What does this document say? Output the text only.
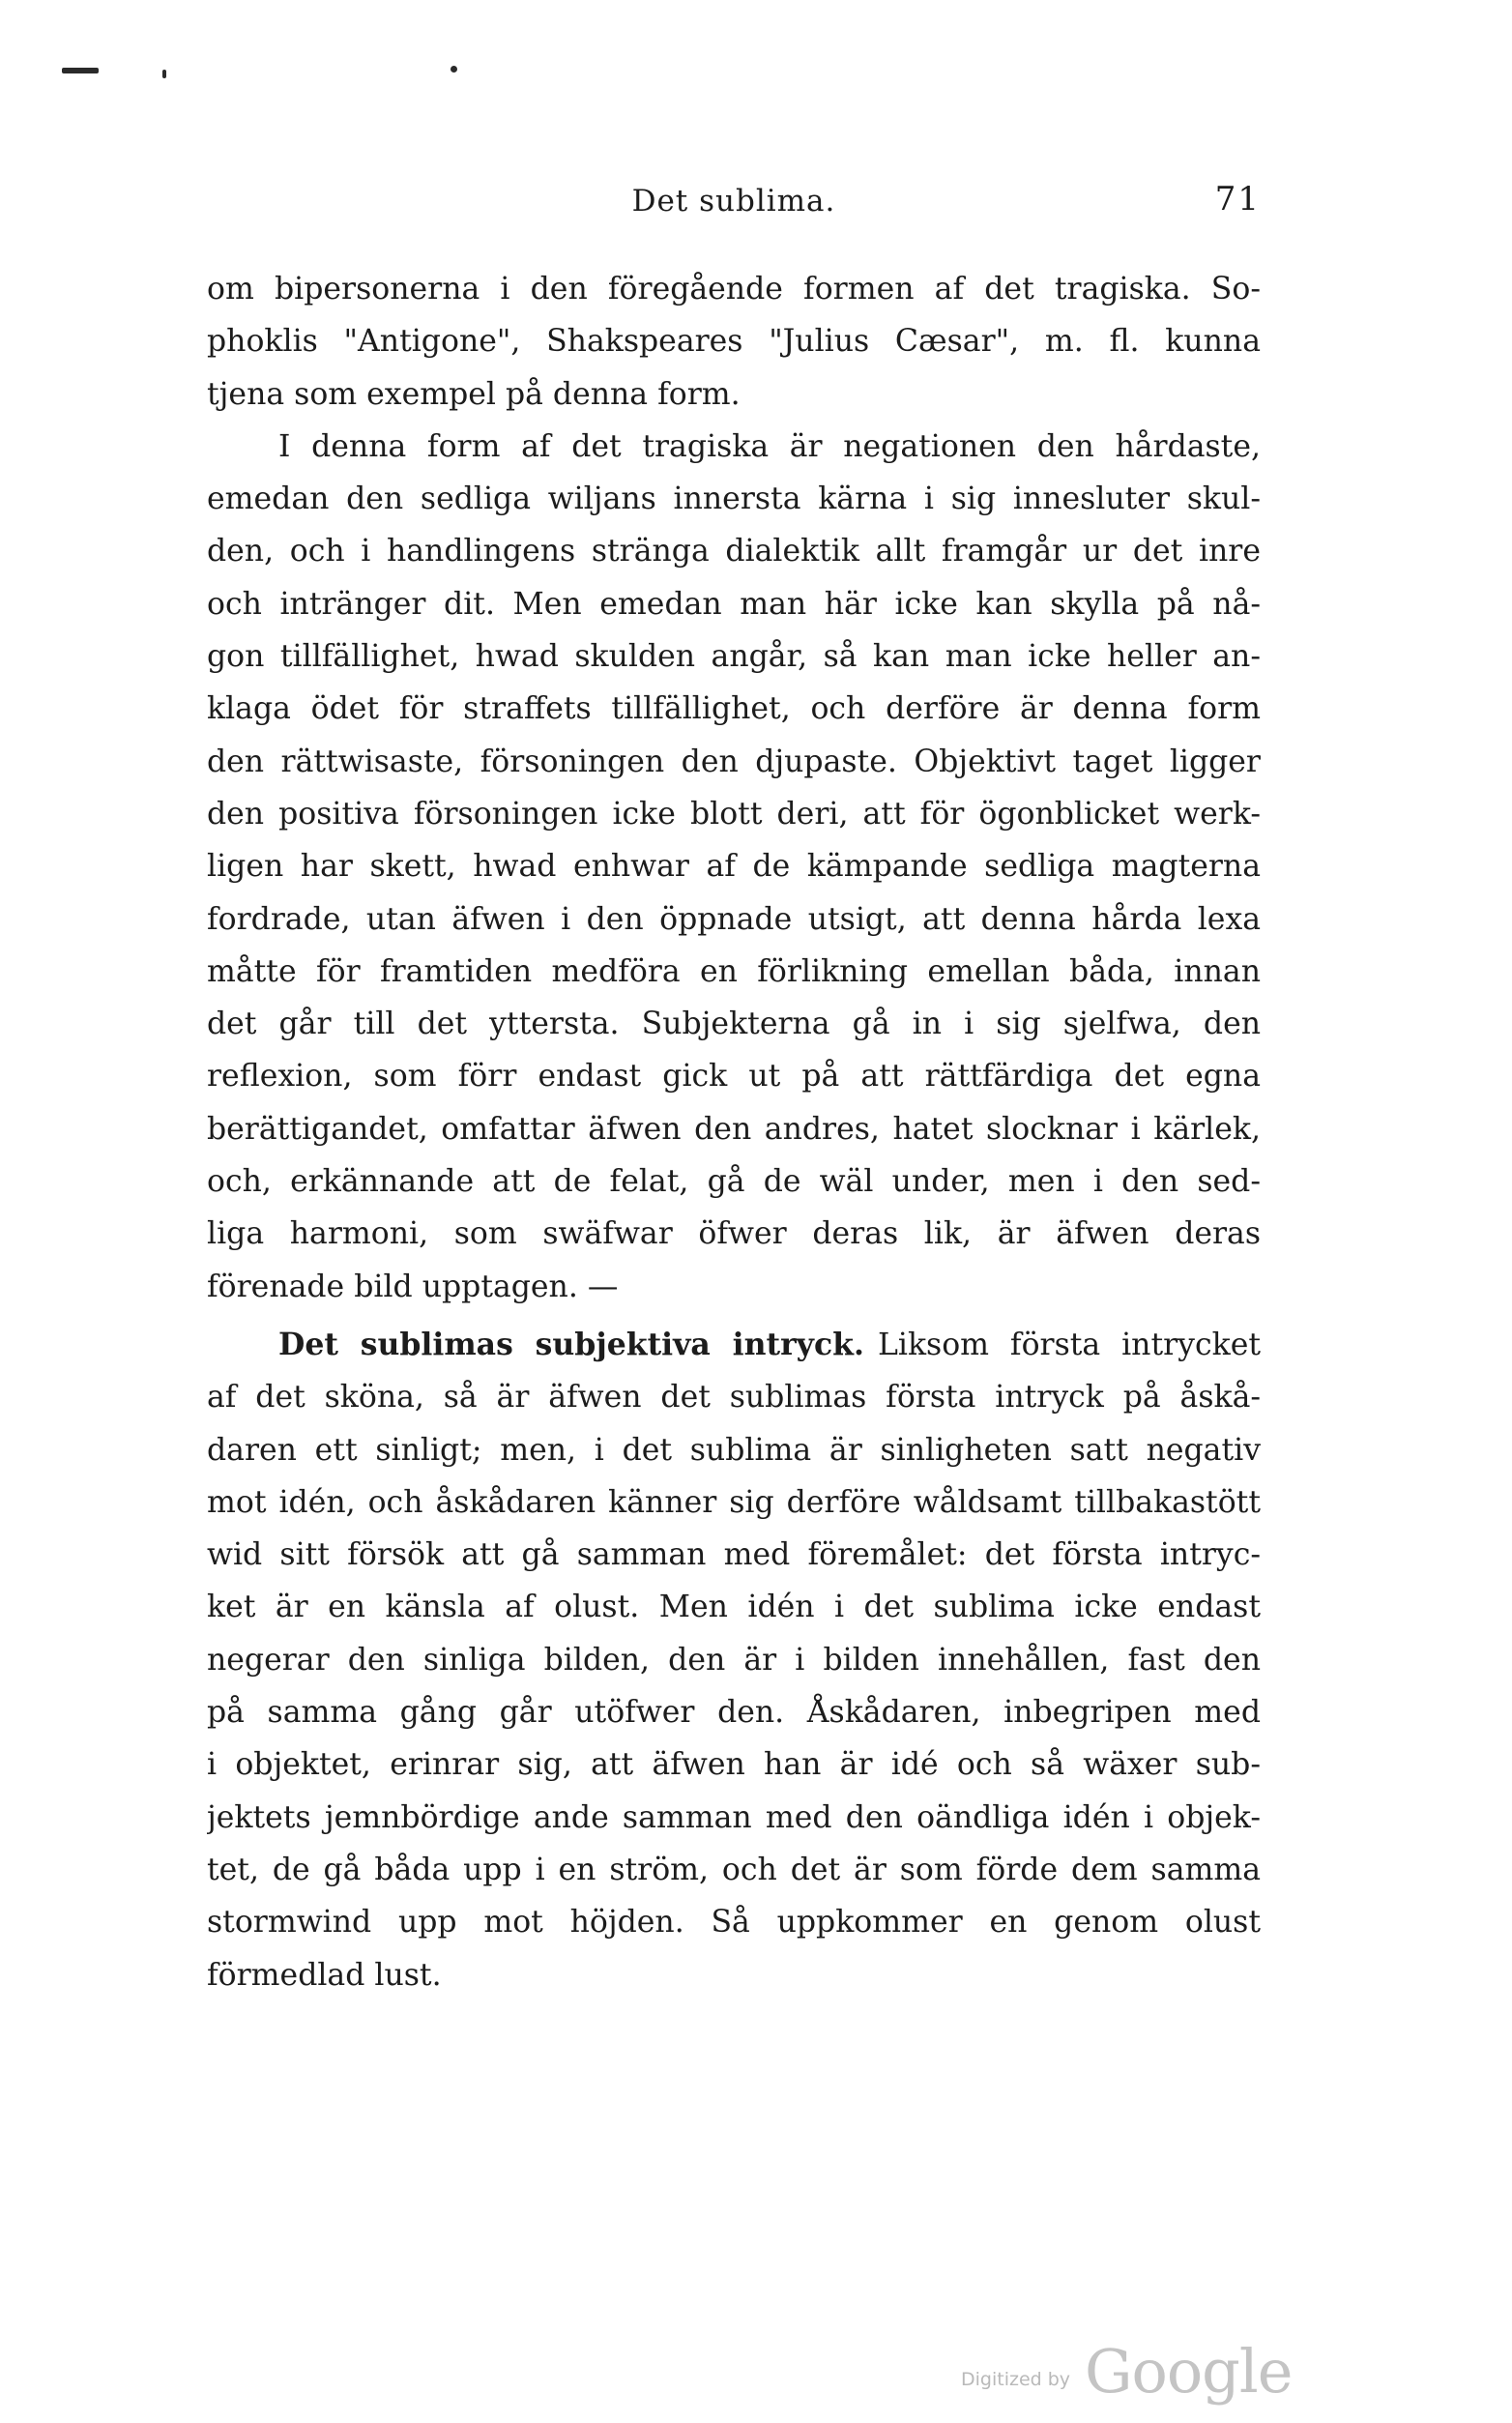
Det sublima.	71
om bipersonerna i den föregående formen af det tragiska. So-
phoklis "Antigone", Shakspeares "Julius Cæsar", m. fl. kunna
tjena som exempel på denna form.
I denna form af det tragiska är negationen den hårdaste,
emedan den sedliga wiljans innersta kärna i sig innesluter skul-
den, och i handlingens stränga dialektik allt framgår ur det inre
och intränger dit. Men emedan man här icke kan skylla på nå-
gon tillfällighet, hwad skulden angår, så kan man icke heller an-
klaga ödet för straffets tillfällighet, och derföre är denna form
den rättwisaste, försoningen den djupaste. Objektivt taget ligger
den positiva försoningen icke blott deri, att för ögonblicket werk-
ligen har skett, hwad enhwar af de kämpande sedliga magterna
fordrade, utan äfwen i den öppnade utsigt, att denna hårda lexa
måtte för framtiden medföra en förlikning emellan båda, innan
det går till det yttersta. Subjekterna gå in i sig sjelfwa, den
reflexion, som förr endast gick ut på att rättfärdiga det egna
berättigandet, omfattar äfwen den andres, hatet slocknar i kärlek,
och, erkännande att de felat, gå de wäl under, men i den sed-
liga harmoni, som swäfwar öfwer deras lik, är äfwen deras
förenade bild upptagen. —
Det sublimas subjektiva intryck. Liksom första intrycket
af det sköna, så är äfwen det sublimas första intryck på åskå-
daren ett sinligt; men, i det sublima är sinligheten satt negativ
mot idén, och åskådaren känner sig derföre wåldsamt tillbakastött
wid sitt försök att gå samman med föremålet: det första intryc-
ket är en känsla af olust. Men idén i det sublima icke endast
negerar den sinliga bilden, den är i bilden innehållen, fast den
på samma gång går utöfwer den. Åskådaren, inbegripen med
i objektet, erinrar sig, att äfwen han är idé och så wäxer sub-
jektets jemnbördige ande samman med den oändliga idén i objek-
tet, de gå båda upp i en ström, och det är som förde dem samma
stormwind upp mot höjden. Så uppkommer en genom olust
förmedlad lust.
Digitized by Google
